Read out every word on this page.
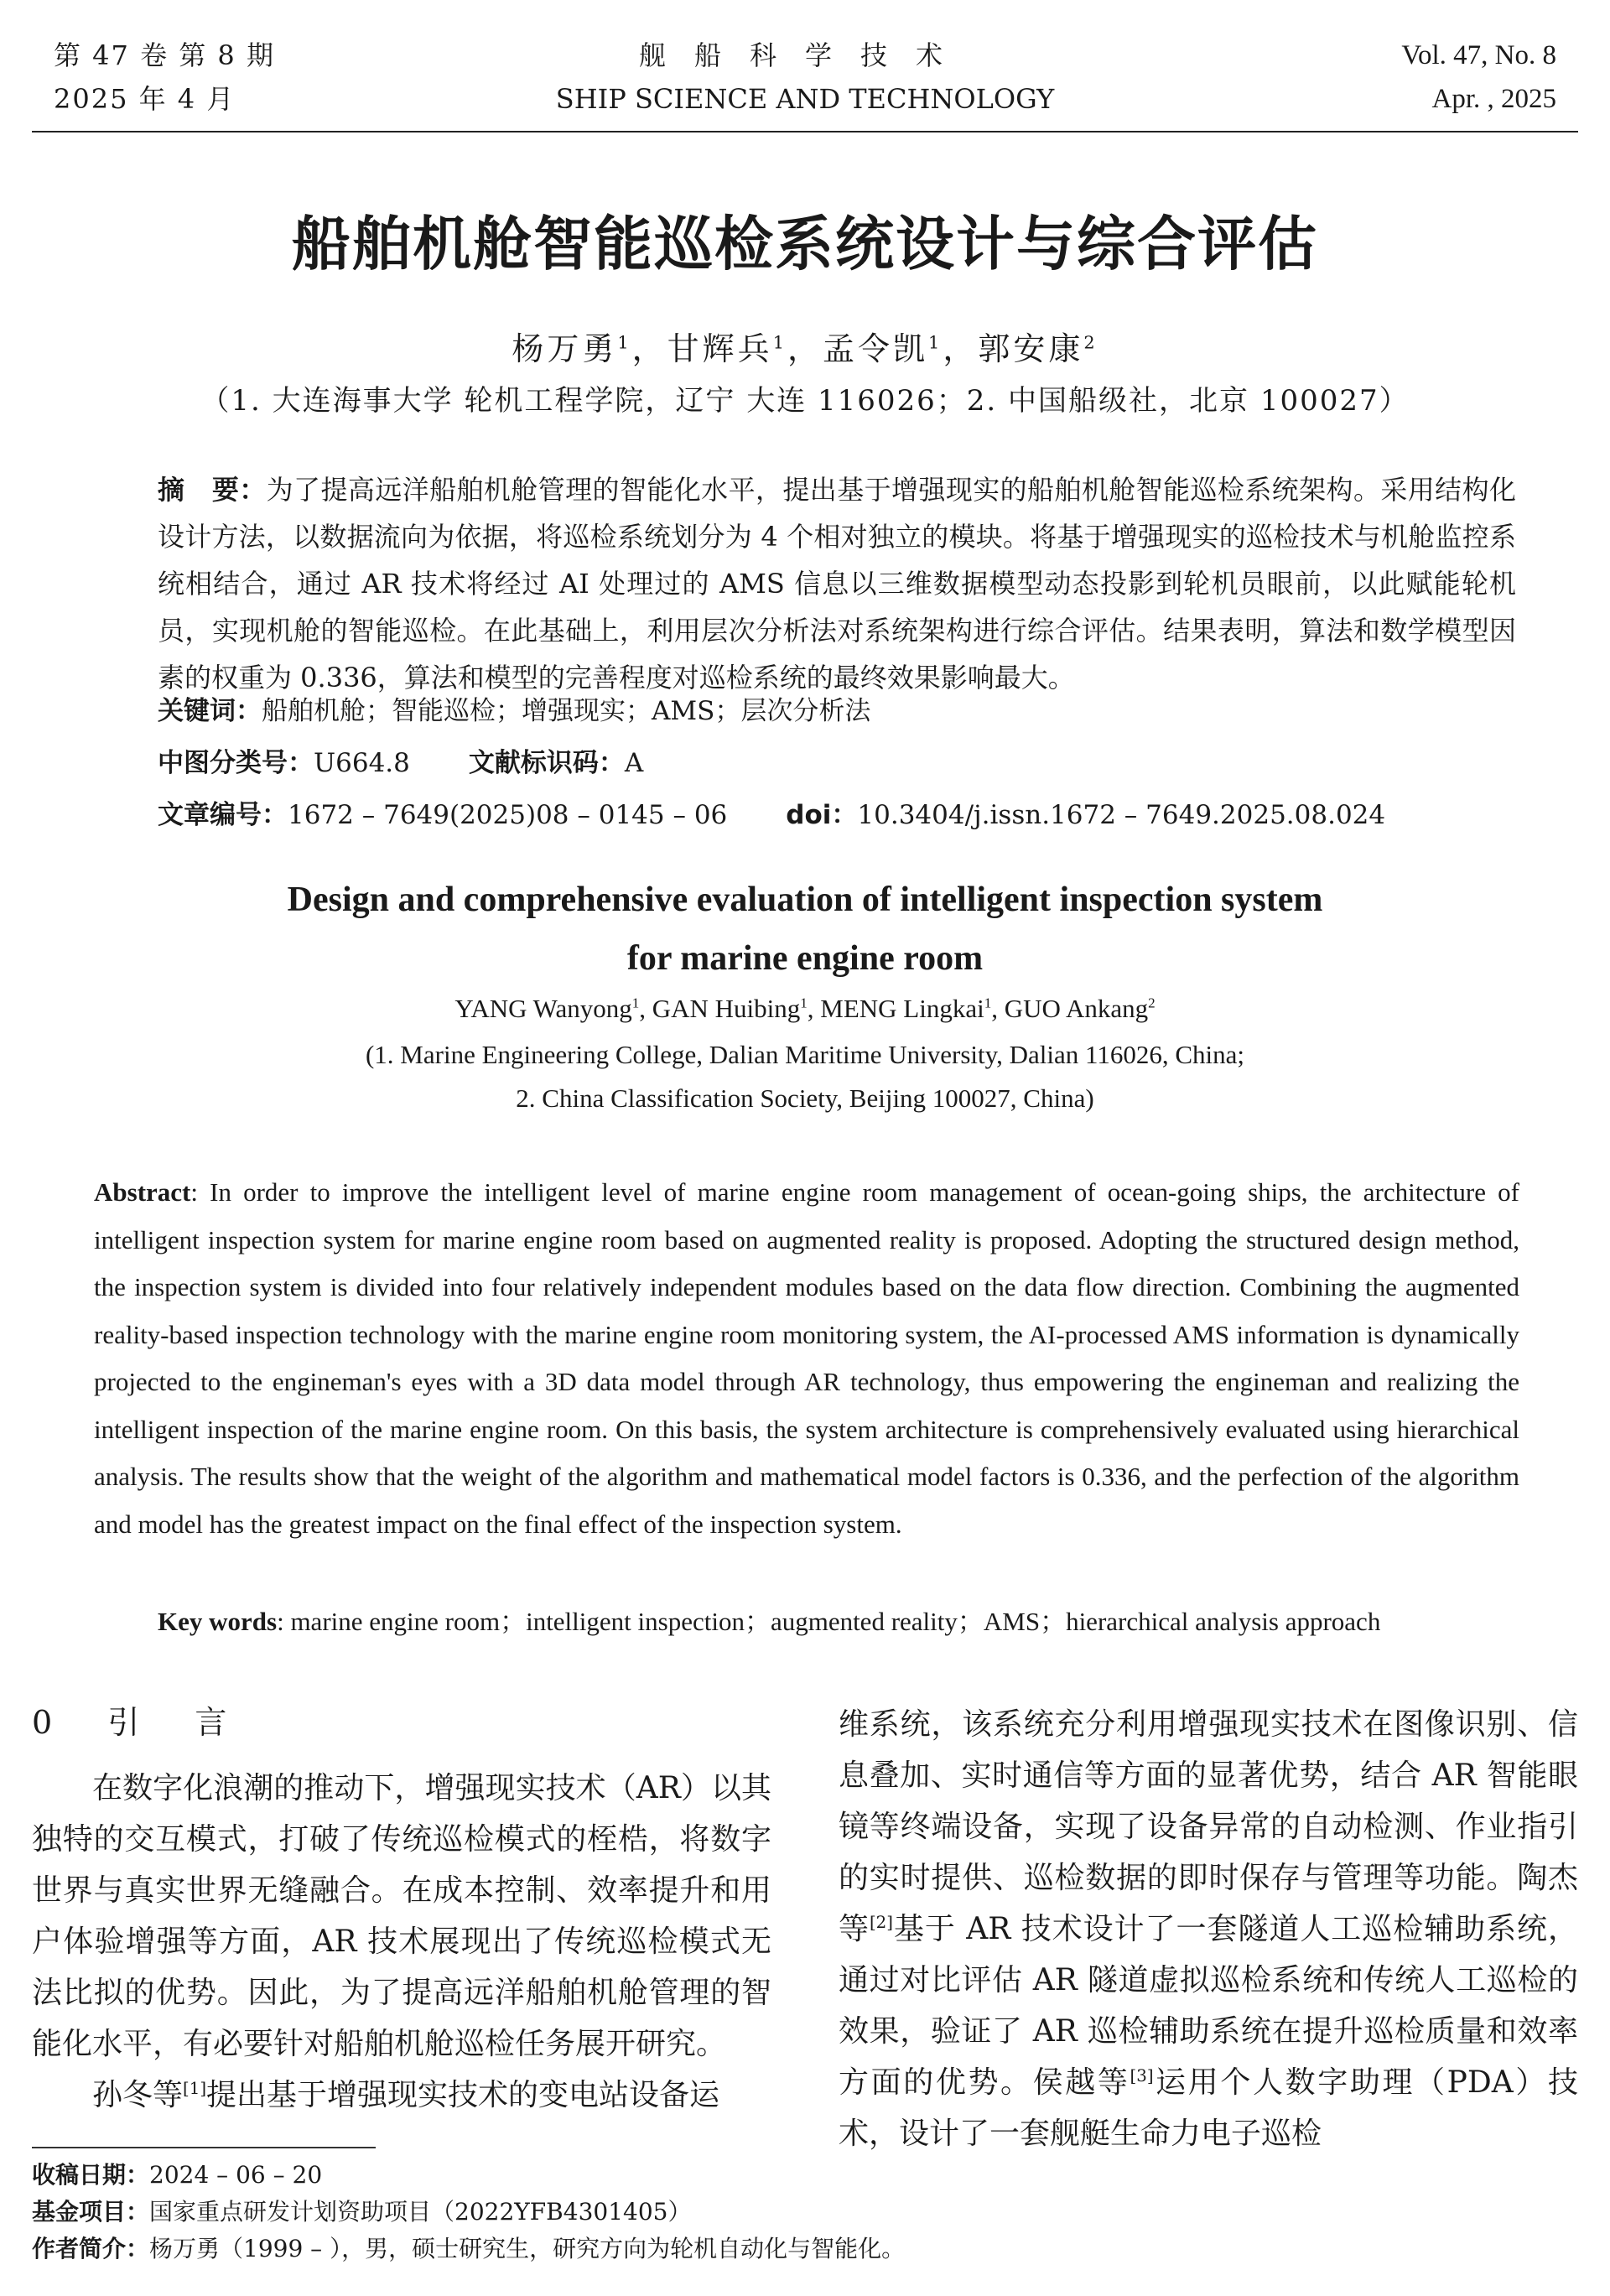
第 47 卷 第 8 期
2025 年 4 月
舰船科学技术
SHIP SCIENCE AND TECHNOLOGY
Vol. 47, No. 8
Apr. , 2025
船舶机舱智能巡检系统设计与综合评估
杨万勇$^1$，甘辉兵$^1$，孟令凯$^1$，郭安康$^2$
（1. 大连海事大学 轮机工程学院，辽宁 大连 116026；2. 中国船级社，北京 100027）
摘　要：为了提高远洋船舶机舱管理的智能化水平，提出基于增强现实的船舶机舱智能巡检系统架构。采用结构化设计方法，以数据流向为依据，将巡检系统划分为 4 个相对独立的模块。将基于增强现实的巡检技术与机舱监控系统相结合，通过 AR 技术将经过 AI 处理过的 AMS 信息以三维数据模型动态投影到轮机员眼前，以此赋能轮机员，实现机舱的智能巡检。在此基础上，利用层次分析法对系统架构进行综合评估。结果表明，算法和数学模型因素的权重为 0.336，算法和模型的完善程度对巡检系统的最终效果影响最大。
关键词：船舶机舱；智能巡检；增强现实；AMS；层次分析法
中图分类号：U664.8 文献标识码：A
文章编号：1672 – 7649(2025)08 – 0145 – 06 doi：10.3404/j.issn.1672 – 7649.2025.08.024
Design and comprehensive evaluation of intelligent inspection system
for marine engine room
YANG Wanyong$^1$, GAN Huibing$^1$, MENG Lingkai$^1$, GUO Ankang$^2$
(1. Marine Engineering College, Dalian Maritime University, Dalian 116026, China;
2. China Classification Society, Beijing 100027, China)
Abstract: In order to improve the intelligent level of marine engine room management of ocean-going ships, the architecture of intelligent inspection system for marine engine room based on augmented reality is proposed. Adopting the structured design method, the inspection system is divided into four relatively independent modules based on the data flow direction. Combining the augmented reality-based inspection technology with the marine engine room monitoring system, the AI-processed AMS information is dynamically projected to the engineman's eyes with a 3D data model through AR technology, thus empowering the engineman and realizing the intelligent inspection of the marine engine room. On this basis, the system architecture is comprehensively evaluated using hierarchical analysis. The results show that the weight of the algorithm and mathematical model factors is 0.336, and the perfection of the algorithm and model has the greatest impact on the final effect of the inspection system.
Key words: marine engine room；intelligent inspection；augmented reality；AMS；hierarchical analysis approach
0 引　言

在数字化浪潮的推动下，增强现实技术（AR）以其独特的交互模式，打破了传统巡检模式的桎梏，将数字世界与真实世界无缝融合。在成本控制、效率提升和用户体验增强等方面，AR 技术展现出了传统巡检模式无法比拟的优势。因此，为了提高远洋船舶机舱管理的智能化水平，有必要针对船舶机舱巡检任务展开研究。

孙冬等[1]提出基于增强现实技术的变电站设备运

维系统，该系统充分利用增强现实技术在图像识别、信息叠加、实时通信等方面的显著优势，结合 AR 智能眼镜等终端设备，实现了设备异常的自动检测、作业指引的实时提供、巡检数据的即时保存与管理等功能。陶杰等[2]基于 AR 技术设计了一套隧道人工巡检辅助系统，通过对比评估 AR 隧道虚拟巡检系统和传统人工巡检的效果，验证了 AR 巡检辅助系统在提升巡检质量和效率方面的优势。侯越等[3]运用个人数字助理（PDA）技术，设计了一套舰艇生命力电子巡检

收稿日期：2024 – 06 – 20
基金项目：国家重点研发计划资助项目（2022YFB4301405）
作者简介：杨万勇（1999 – ），男，硕士研究生，研究方向为轮机自动化与智能化。
